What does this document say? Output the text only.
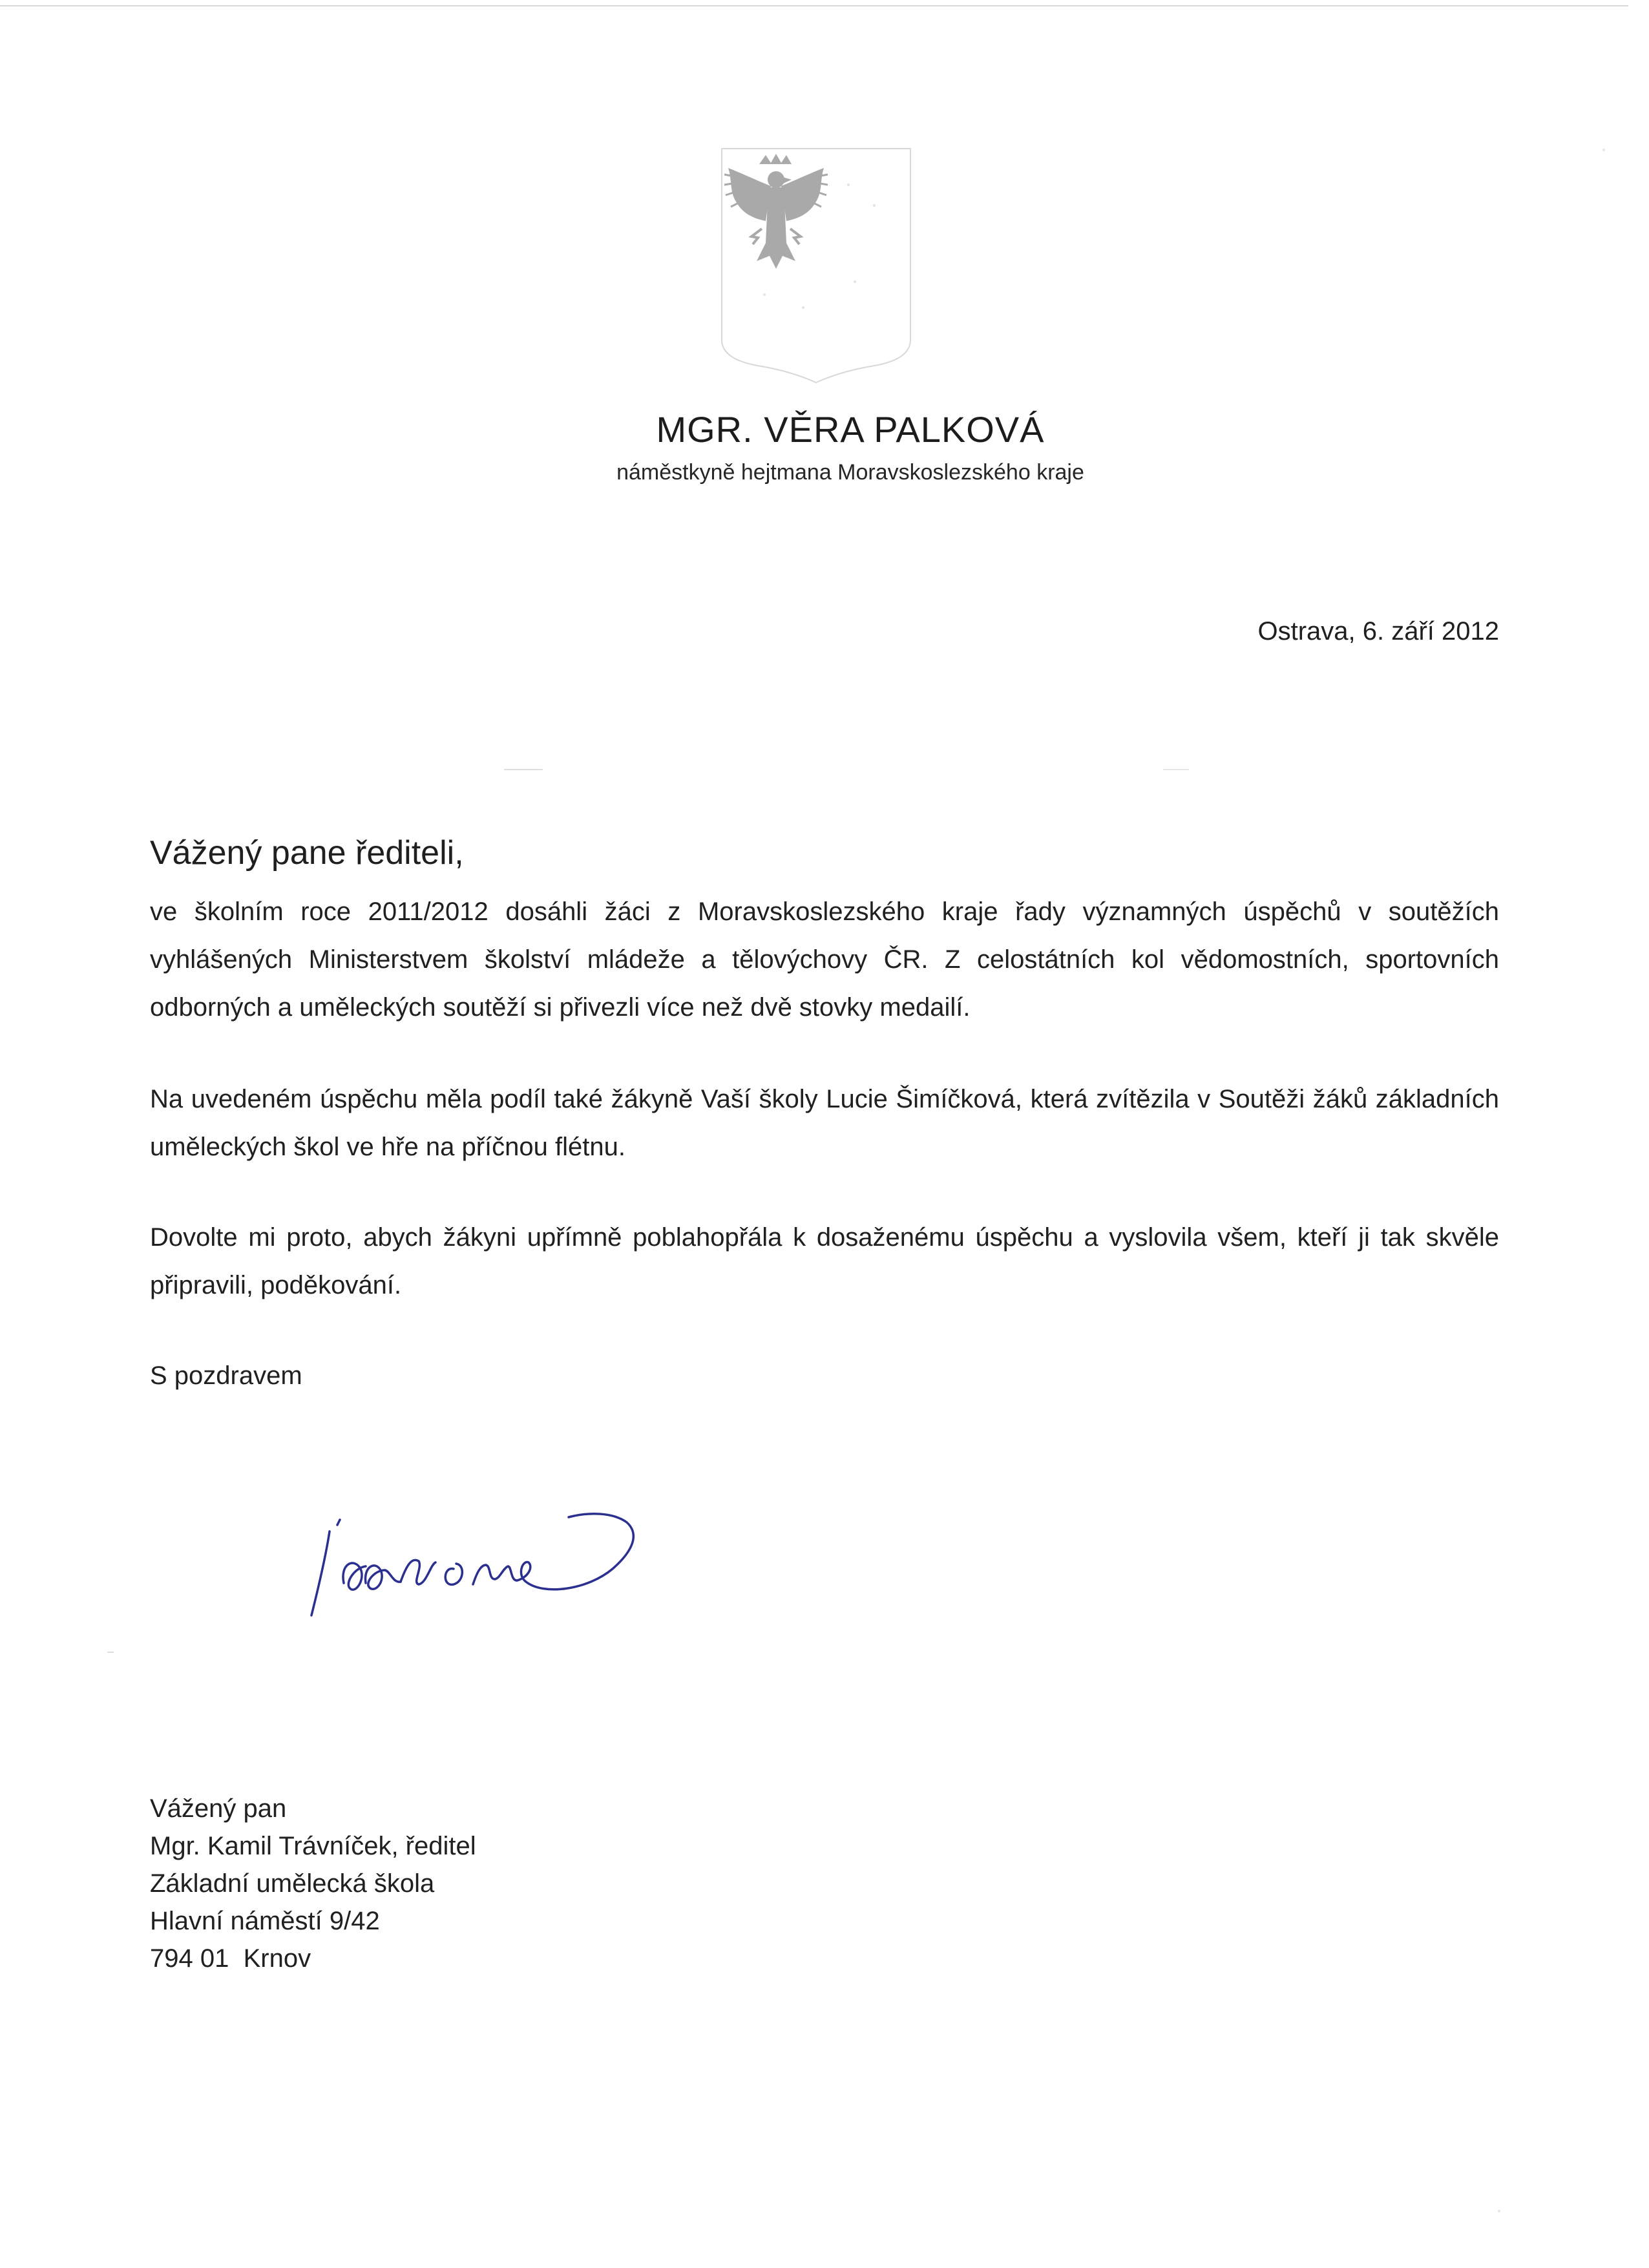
MGR. VĚRA PALKOVÁ
náměstkyně hejtmana Moravskoslezského kraje
Ostrava, 6. září 2012
Vážený pane řediteli,
ve školním roce 2011/2012 dosáhli žáci z Moravskoslezského kraje řady významných úspěchů v soutěžích vyhlášených Ministerstvem školství mládeže a tělovýchovy ČR. Z celostátních kol vědomostních, sportovních odborných a uměleckých soutěží si přivezli více než dvě stovky medailí.
Na uvedeném úspěchu měla podíl také žákyně Vaší školy Lucie Šimíčková, která zvítězila v Soutěži žáků základních uměleckých škol ve hře na příčnou flétnu.
Dovolte mi proto, abych žákyni upřímně poblahopřála k dosaženému úspěchu a vyslovila všem, kteří ji tak skvěle připravili, poděkování.
S pozdravem
Vážený pan
Mgr. Kamil Trávníček, ředitel
Základní umělecká škola
Hlavní náměstí 9/42
794 01  Krnov
